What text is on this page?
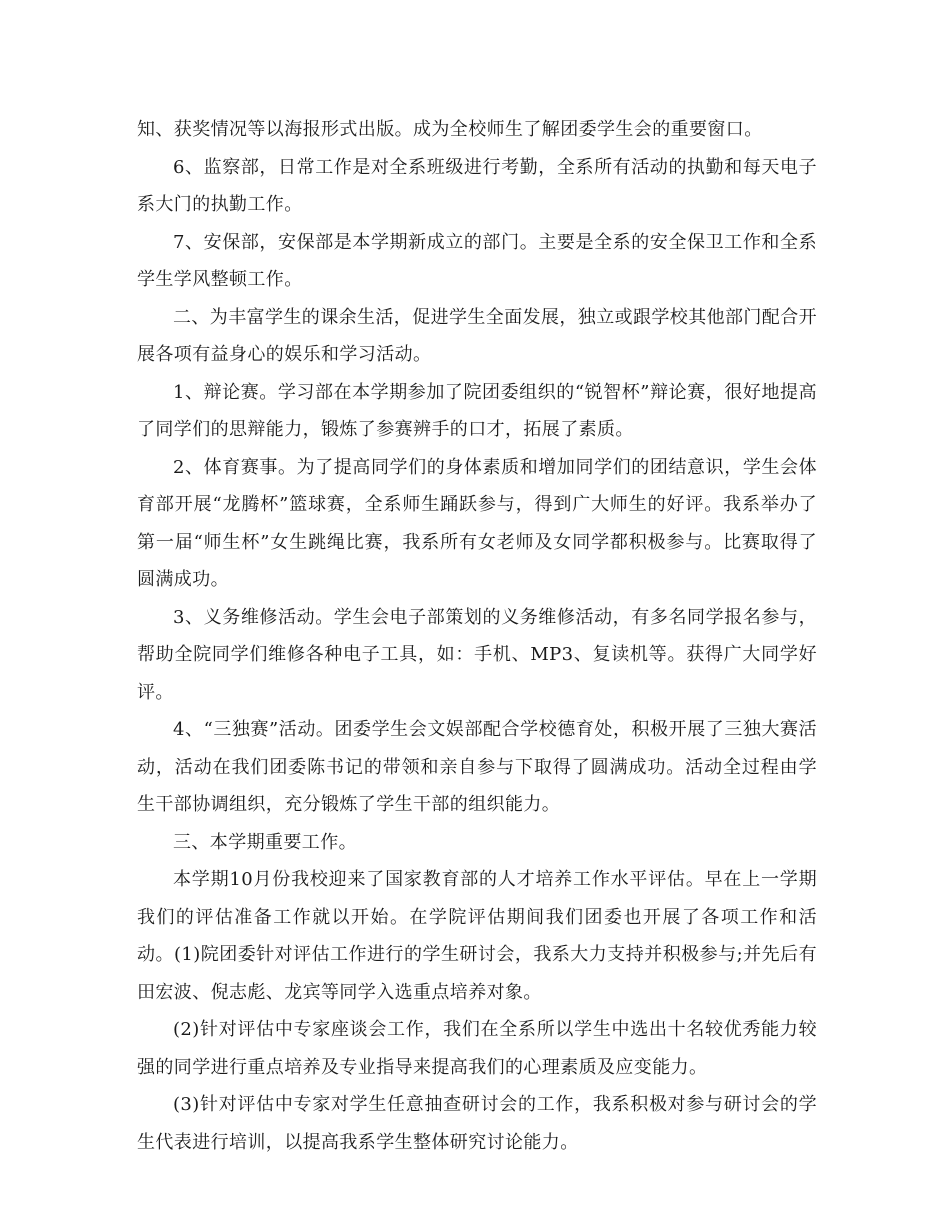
知、获奖情况等以海报形式出版。成为全校师生了解团委学生会的重要窗口。

6、监察部，日常工作是对全系班级进行考勤，全系所有活动的执勤和每天电子系大门的执勤工作。

7、安保部，安保部是本学期新成立的部门。主要是全系的安全保卫工作和全系学生学风整顿工作。

二、为丰富学生的课余生活，促进学生全面发展，独立或跟学校其他部门配合开展各项有益身心的娱乐和学习活动。

1、辩论赛。学习部在本学期参加了院团委组织的“锐智杯”辩论赛，很好地提高了同学们的思辩能力，锻炼了参赛辨手的口才，拓展了素质。

2、体育赛事。为了提高同学们的身体素质和增加同学们的团结意识，学生会体育部开展“龙腾杯”篮球赛，全系师生踊跃参与，得到广大师生的好评。我系举办了第一届“师生杯”女生跳绳比赛，我系所有女老师及女同学都积极参与。比赛取得了圆满成功。

3、义务维修活动。学生会电子部策划的义务维修活动，有多名同学报名参与，帮助全院同学们维修各种电子工具，如：手机、MP3、复读机等。获得广大同学好评。

4、“三独赛”活动。团委学生会文娱部配合学校德育处，积极开展了三独大赛活动，活动在我们团委陈书记的带领和亲自参与下取得了圆满成功。活动全过程由学生干部协调组织，充分锻炼了学生干部的组织能力。

三、本学期重要工作。

本学期10月份我校迎来了国家教育部的人才培养工作水平评估。早在上一学期我们的评估准备工作就以开始。在学院评估期间我们团委也开展了各项工作和活动。(1)院团委针对评估工作进行的学生研讨会，我系大力支持并积极参与;并先后有田宏波、倪志彪、龙宾等同学入选重点培养对象。

(2)针对评估中专家座谈会工作，我们在全系所以学生中选出十名较优秀能力较强的同学进行重点培养及专业指导来提高我们的心理素质及应变能力。

(3)针对评估中专家对学生任意抽查研讨会的工作，我系积极对参与研讨会的学生代表进行培训，以提高我系学生整体研究讨论能力。
